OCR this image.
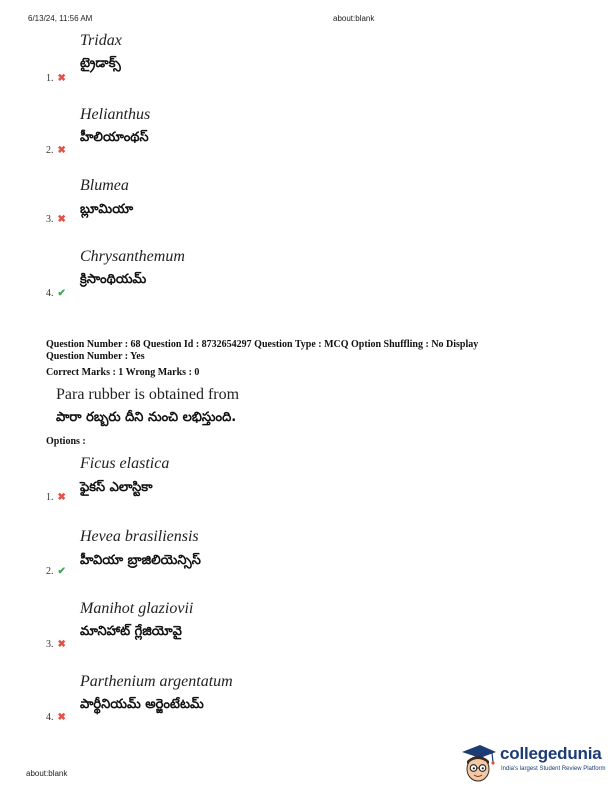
6/13/24, 11:56 AM	about:blank
Tridax
ట్రైడాక్స్
1. ✖
Helianthus
హీలియాంథస్
2. ✖
Blumea
బ్లూమియా
3. ✖
Chrysanthemum
క్రిసాంథియమ్
4. ✔
Question Number : 68 Question Id : 8732654297 Question Type : MCQ Option Shuffling : No Display
Question Number : Yes
Correct Marks : 1 Wrong Marks : 0
Para rubber is obtained from
పారా రబ్బరు దీని నుంచి లభిస్తుంది.
Options :
Ficus elastica
ఫైకస్ ఎలాస్టికా
1. ✖
Hevea brasiliensis
హీవియా బ్రాజిలియెన్సిస్
2. ✔
Manihot glaziovii
మానిహాట్ గ్లేజియోవై
3. ✖
Parthenium argentatum
పార్థీనియమ్ అర్జెంటేటమ్
4. ✖
about:blank
collegedunia
India's largest Student Review Platform
